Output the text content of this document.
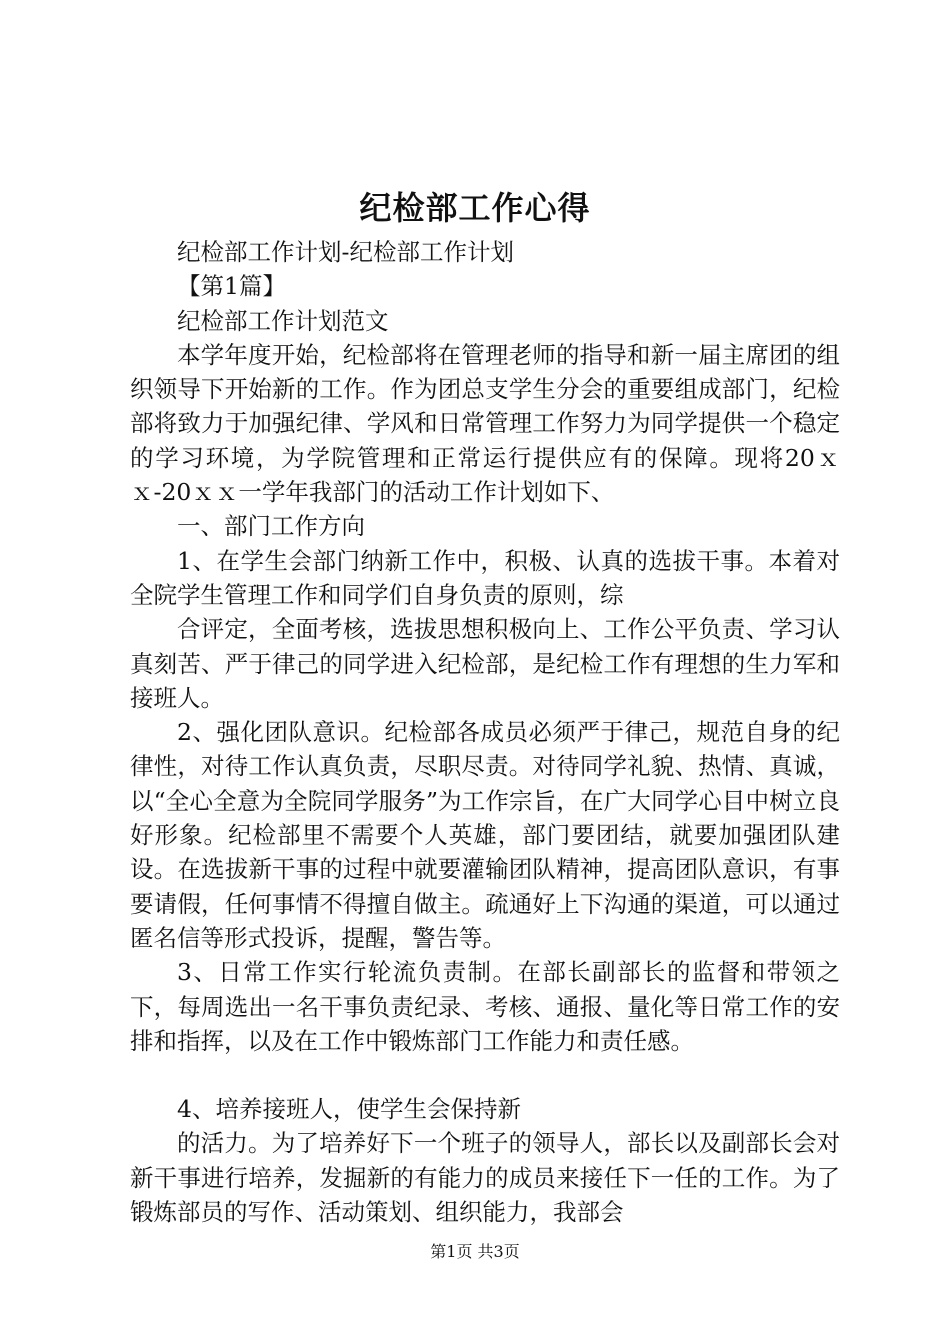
纪检部工作心得

纪检部工作计划-纪检部工作计划

【第1篇】

纪检部工作计划范文

本学年度开始，纪检部将在管理老师的指导和新一届主席团的组织领导下开始新的工作。作为团总支学生分会的重要组成部门，纪检部将致力于加强纪律、学风和日常管理工作努力为同学提供一个稳定的学习环境，为学院管理和正常运行提供应有的保障。现将20ｘｘ-20ｘｘ一学年我部门的活动工作计划如下、

一、部门工作方向

1、在学生会部门纳新工作中，积极、认真的选拔干事。本着对全院学生管理工作和同学们自身负责的原则，综

合评定，全面考核，选拔思想积极向上、工作公平负责、学习认真刻苦、严于律己的同学进入纪检部，是纪检工作有理想的生力军和接班人。

2、强化团队意识。纪检部各成员必须严于律己，规范自身的纪律性，对待工作认真负责，尽职尽责。对待同学礼貌、热情、真诚，以“全心全意为全院同学服务”为工作宗旨，在广大同学心目中树立良好形象。纪检部里不需要个人英雄，部门要团结，就要加强团队建设。在选拔新干事的过程中就要灌输团队精神，提高团队意识，有事要请假，任何事情不得擅自做主。疏通好上下沟通的渠道，可以通过匿名信等形式投诉，提醒，警告等。

3、日常工作实行轮流负责制。在部长副部长的监督和带领之下，每周选出一名干事负责纪录、考核、通报、量化等日常工作的安排和指挥，以及在工作中锻炼部门工作能力和责任感。

4、培养接班人，使学生会保持新

的活力。为了培养好下一个班子的领导人，部长以及副部长会对新干事进行培养，发掘新的有能力的成员来接任下一任的工作。为了锻炼部员的写作、活动策划、组织能力，我部会

第1页 共3页
